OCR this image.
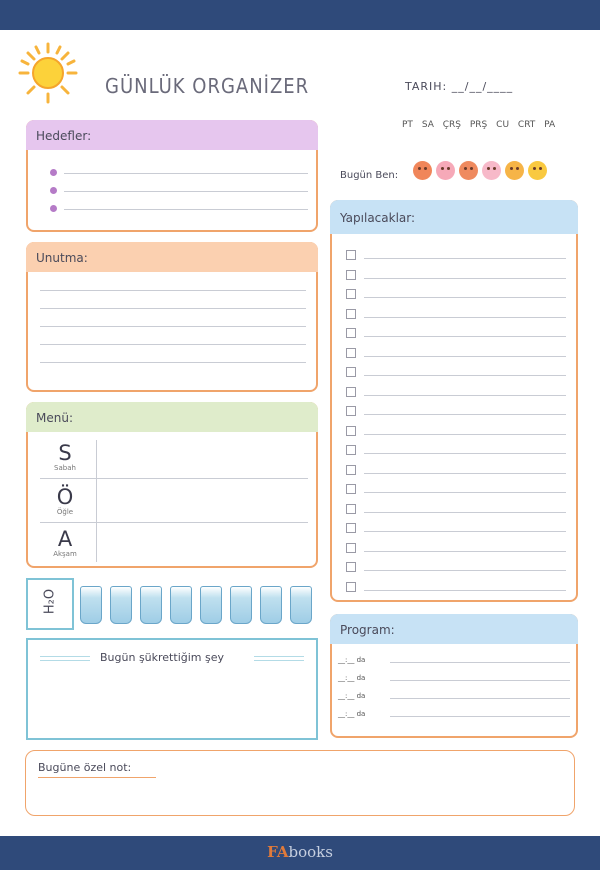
GÜNLÜK ORGANİZER	TARIH: __/__/____
PT SA ÇRŞ PRŞ CU CRT PA
Bugün Ben:
Hedefler:
Unutma:
Menü:
S
Sabah
Ö
Öğle
A
Akşam
H₂O
Bugün şükrettiğim şey
Yapılacaklar:
Program:
__:__ da
__:__ da
__:__ da
__:__ da
Bugüne özel not:
FAbooks
